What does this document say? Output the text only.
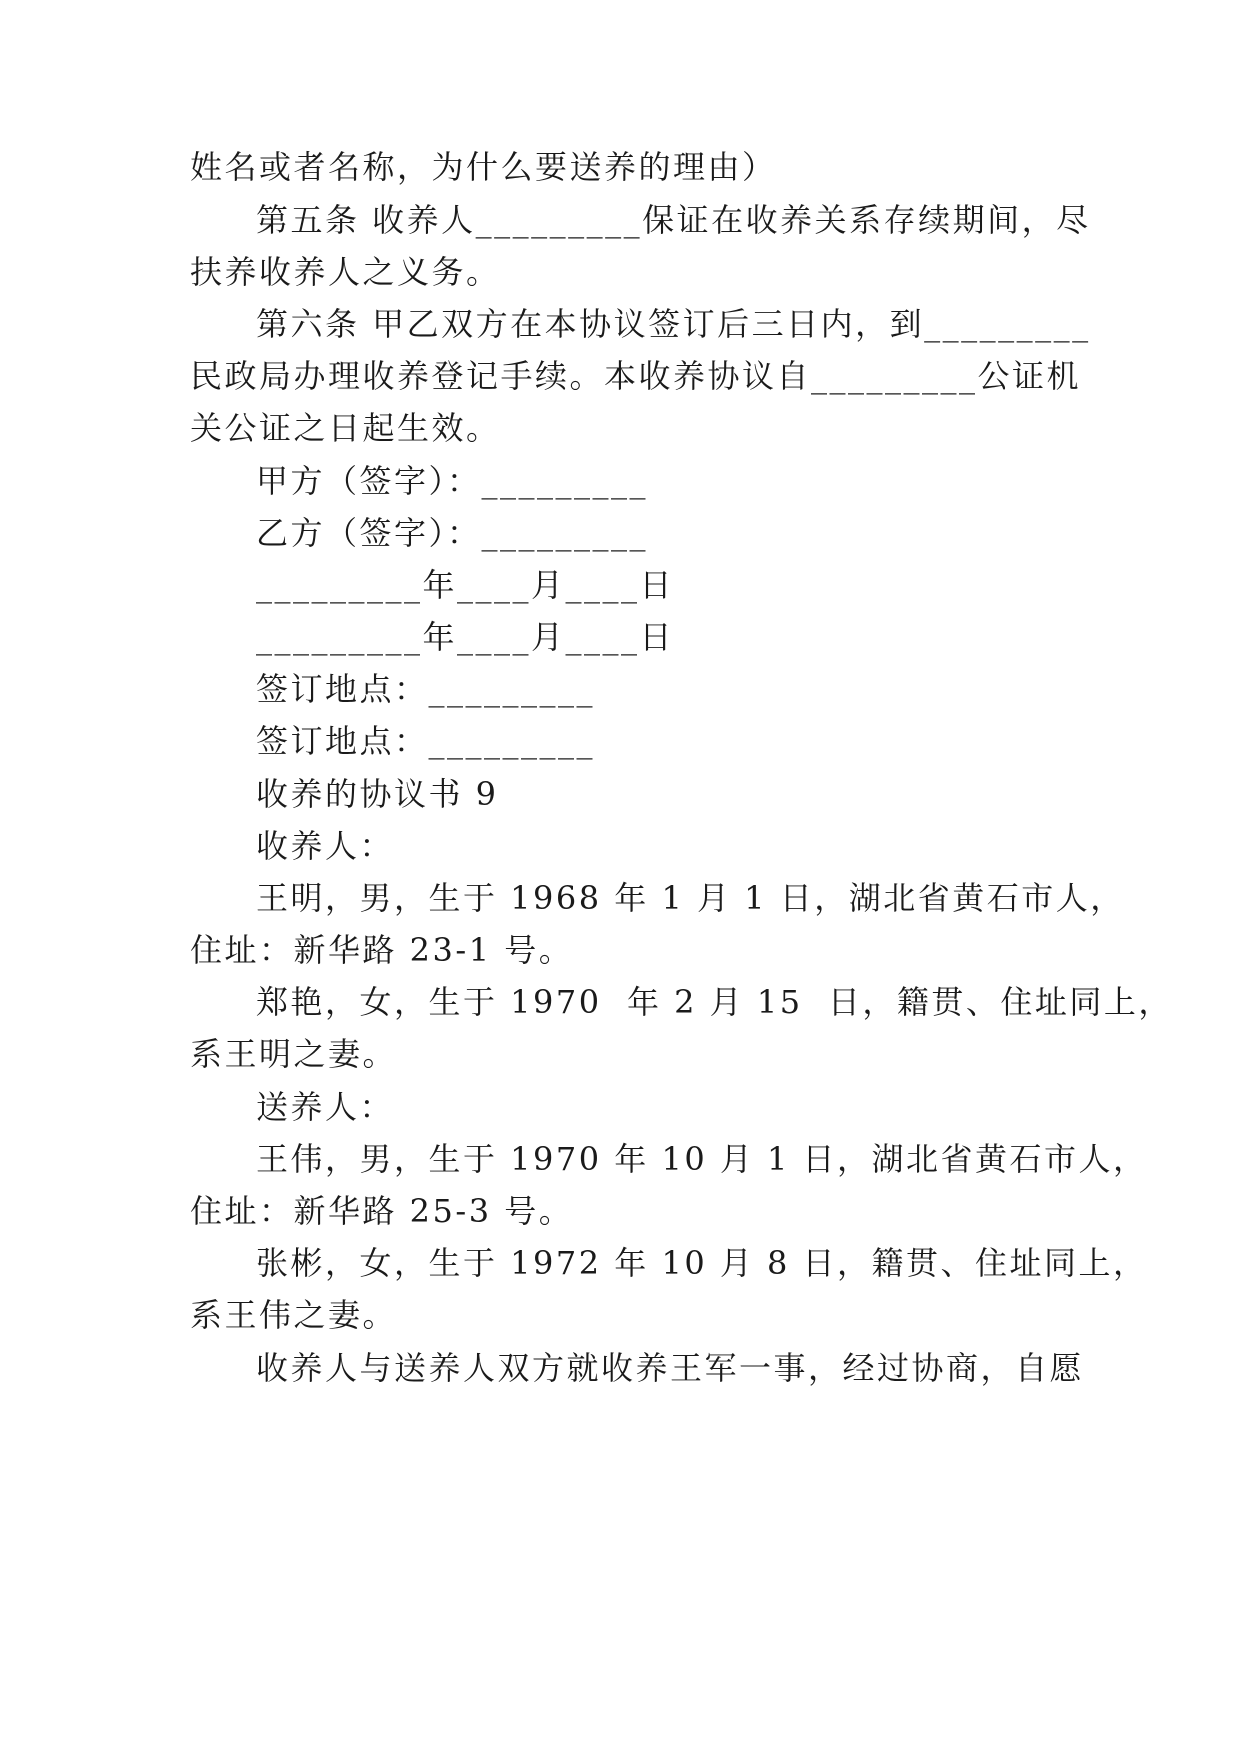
姓名或者名称，为什么要送养的理由）
第五条 收养人_________保证在收养关系存续期间，尽
扶养收养人之义务。
第六条 甲乙双方在本协议签订后三日内，到_________
民政局办理收养登记手续。本收养协议自_________公证机
关公证之日起生效。
甲方（签字）：_________
乙方（签字）：_________
_________年____月____日
_________年____月____日
签订地点：_________
签订地点：_________
收养的协议书 9
收养人：
王明，男，生于 1968 年 1 月 1 日，湖北省黄石市人，
住址：新华路 23-1 号。
郑艳，女，生于 1970  年 2 月 15  日，籍贯、住址同上，
系王明之妻。
送养人：
王伟，男，生于 1970 年 10 月 1 日，湖北省黄石市人，
住址：新华路 25-3 号。
张彬，女，生于 1972 年 10 月 8 日，籍贯、住址同上，
系王伟之妻。
收养人与送养人双方就收养王军一事，经过协商，自愿
